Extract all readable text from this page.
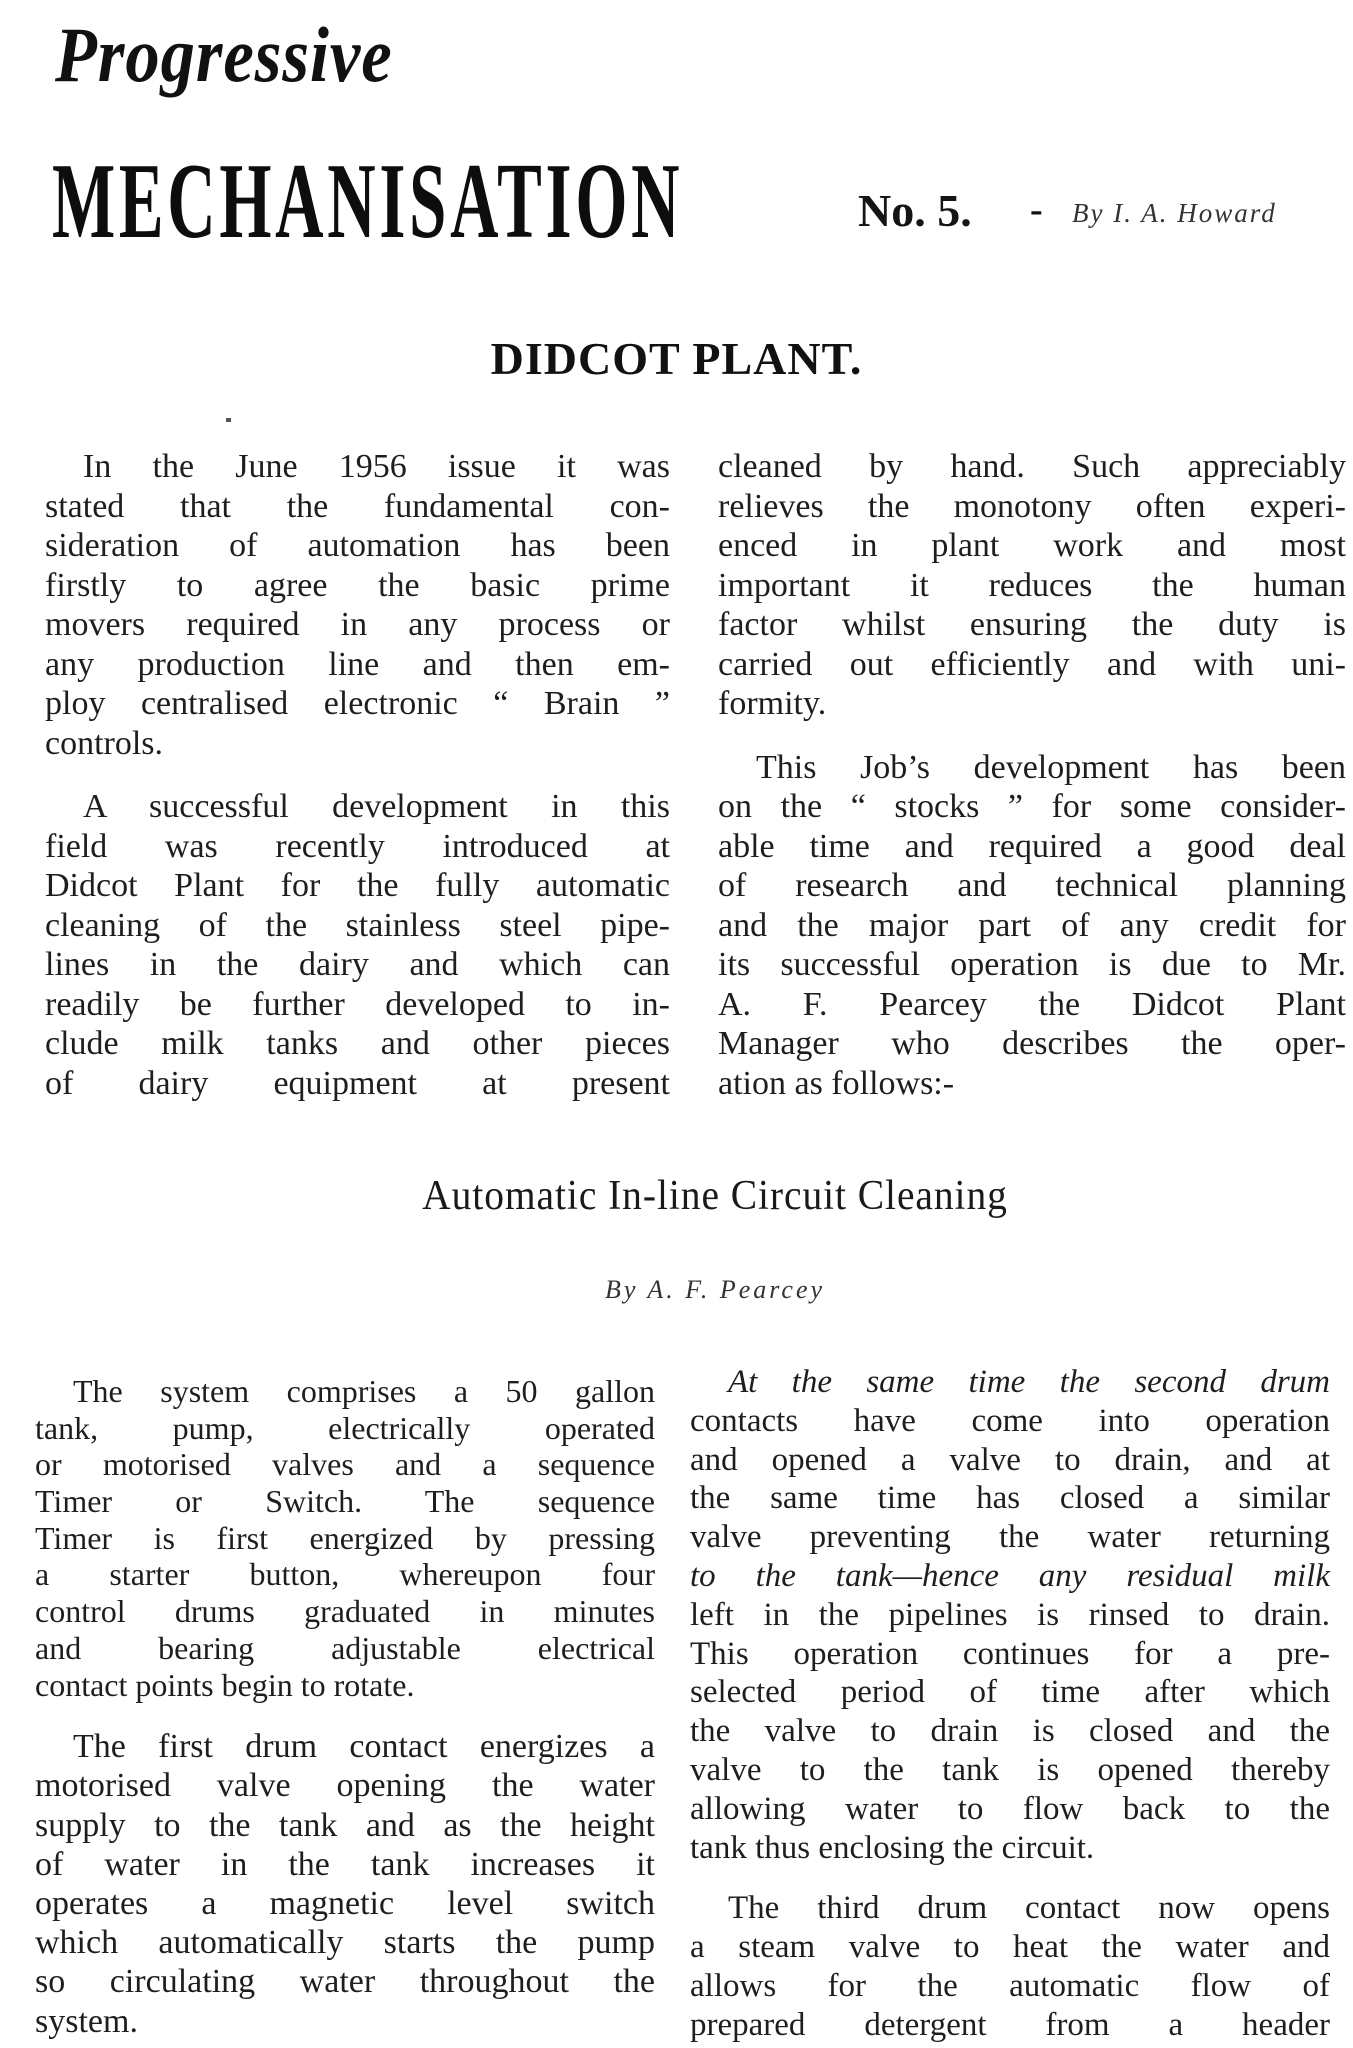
Progressive
MECHANISATION	No. 5. - By I. A. Howard
DIDCOT PLANT.

In the June 1956 issue it was
stated that the fundamental con-
sideration of automation has been
firstly to agree the basic prime
movers required in any process or
any production line and then em-
ploy centralised electronic “ Brain ”
controls.

A successful development in this
field was recently introduced at
Didcot Plant for the fully automatic
cleaning of the stainless steel pipe-
lines in the dairy and which can
readily be further developed to in-
clude milk tanks and other pieces
of dairy equipment at present

cleaned by hand. Such appreciably
relieves the monotony often experi-
enced in plant work and most
important it reduces the human
factor whilst ensuring the duty is
carried out efficiently and with uni-
formity.

This Job’s development has been
on the “ stocks ” for some consider-
able time and required a good deal
of research and technical planning
and the major part of any credit for
its successful operation is due to Mr.
A. F. Pearcey the Didcot Plant
Manager who describes the oper-
ation as follows:-

Automatic In-line Circuit Cleaning
By A. F. Pearcey

The system comprises a 50 gallon
tank, pump, electrically operated
or motorised valves and a sequence
Timer or Switch. The sequence
Timer is first energized by pressing
a starter button, whereupon four
control drums graduated in minutes
and bearing adjustable electrical
contact points begin to rotate.

The first drum contact energizes a
motorised valve opening the water
supply to the tank and as the height
of water in the tank increases it
operates a magnetic level switch
which automatically starts the pump
so circulating water throughout the
system.

At the same time the second drum
contacts have come into operation
and opened a valve to drain, and at
the same time has closed a similar
valve preventing the water returning
to the tank—hence any residual milk
left in the pipelines is rinsed to drain.
This operation continues for a pre-
selected period of time after which
the valve to drain is closed and the
valve to the tank is opened thereby
allowing water to flow back to the
tank thus enclosing the circuit.

The third drum contact now opens
a steam valve to heat the water and
allows for the automatic flow of
prepared detergent from a header
